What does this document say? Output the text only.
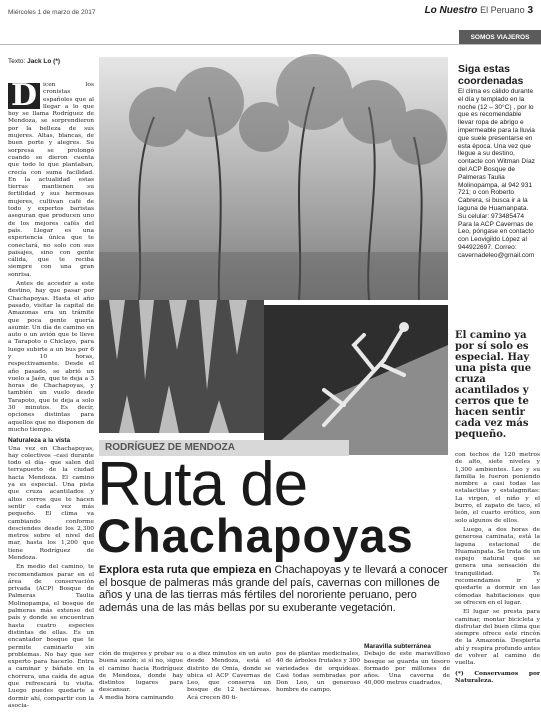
Miércoles 1 de marzo de 2017	Lo Nuestro El Peruano 3
SOMOS VIAJEROS
Texto: Jack Lo (*)
D	icen los cronistas españoles que al llegar a lo que hoy se llama Rodríguez de Mendoza, se sorprendieron por la belleza de sus mujeres. Altas, blancas, de buen porte y alegres. Su sorpresa se prolongó cuando se dieron cuenta que todo lo que plantaban, crecía con suma facilidad. En la actualidad estas tierras mantienen su fertilidad y sus hermosas mujeres, cultivan café de todo y expertos baristas aseguran que producen uno de los mejores cafés del país. Llegar es una experiencia única que te conectará, no solo con sus paisajes, sino con gente cálida, que te reciba siempre con una gran sonrisa.

Antes de acceder a este destino, hay que pasar por Chachapoyas. Hasta el año pasado, visitar la capital de Amazonas era un trámite que poca gente quería asumir. Un día de camino en auto o un avión que te lleve a Tarapoto o Chiclayo, para luego subirte a un bus por 6 y 10 horas, respectivamente. Desde el año pasado, se abrió un vuelo a Jaén, que te deja a 3 horas de Chachapoyas, y también un vuelo desde Tarapoto, que te deja a solo 30 minutos. Es decir, opciones distintas para aquellos que no disponen de mucho tiempo.

Naturaleza a la vista

Una vez en Chachapoyas, hay colectivos –casi durante todo el día– que salen del terrapuerto de la ciudad hacia Mendoza. El camino ya es especial. Una pista que cruza acantilados y altos cerros que te hacen sentir cada vez más pequeño. El clima va cambiando conforme desciendes desde los 2,300 metros sobre el nivel del mar, hasta los 1,200 que tiene Rodríguez de Mendoza.

En medio del camino, te recomendamos parar en el área de conservación privada (ACP) Bosque de Palmeras Taulia Molinopampa, el bosque de palmeras más extenso del país y donde se encuentran hasta cuatro especies distintas de ellas. Es un encantador bosque que te permite caminarlo sin problemas. No hay que ser experto para hacerlo. Entra a caminar y báñate en la chorrera, una caída de agua que refrescará tu visita. Luego puedes quedarte a dormir ahí, compartir con la asocia-

Siga estas coordenadas
El clima es cálido durante el día y templado en la noche (12 – 30°C) , por lo que es recomendable llevar ropa de abrigo e impermeable para la lluvia que suele presentarse en esta época. Una vez que llegue a su destino, contacte con Witman Díaz del ACP Bosque de Palmeras Taulia Molinopampa, al 942 931 721; o con Roberto Cabrera, si busca ir a la laguna de Huamanpata. Su celular: 973485474 Para la ACP Cavernas de Leo, póngase en contacto con Leovigildo López al 944922697. Correo: cavernadeleo@gmail.com
El camino ya por sí solo es especial. Hay una pista que cruza acantilados y cerros que te hacen sentir cada vez más pequeño.
RODRÍGUEZ DE MENDOZA
Ruta de
Chachapoyas

con techos de 120 metros de alto, siete niveles y 1,300 ambientes. Leo y su familia le fueron poniendo nombre a casi todas las estalactitas y estalagmitas: La virgen, el niño y el burro, el zapato de taco, el león, el cuarto erótico, son solo algunos de ellos.

Luego, a dos horas de generosa caminata, está la laguna estacional de Huamanpata. Se trata de un espejo natural que se genera una sensación de tranquilidad. Te recomendamos ir y quedarte a dormir en las cómodas habitaciones que se ofrecen en el lugar.

El lugar se presta para caminar, montar bicicleta y disfrutar del buen clima que siempre ofrece este rincón de la Amazonía. Despierta ahí y respira profundo antes de volver al camino de vuelta.

(*) Conservamos por Naturaleza.

Explora esta ruta que empieza en Chachapoyas y te llevará a conocer el bosque de palmeras más grande del país, cavernas con millones de años y una de las tierras más fértiles del nororiente peruano, pero además una de las más bellas por su exuberante vegetación.
ción de mujeres y probar su buena sazón; si sí no, sigue el camino hacia Rodríguez de Mendoza, donde hay distintos lugares para descansar.
A media hora caminando
o a diez minutos en un auto desde Mendoza, está el distrito de Omia, donde se ubica el ACP Cavernas de Leo, que conserva un bosque de 12 hectáreas. Acá crecen 80 ti-
pos de plantas medicinales, 40 de árboles frutales y 300 variedades de orquídeas. Casi todas sembradas por Don Leo, un generoso hombre de campo.
Maravilla subterránea

Debajo de este maravilloso bosque se guarda un tesoro formado por millones de años. Una caverna de 40,000 metros cuadrados,
